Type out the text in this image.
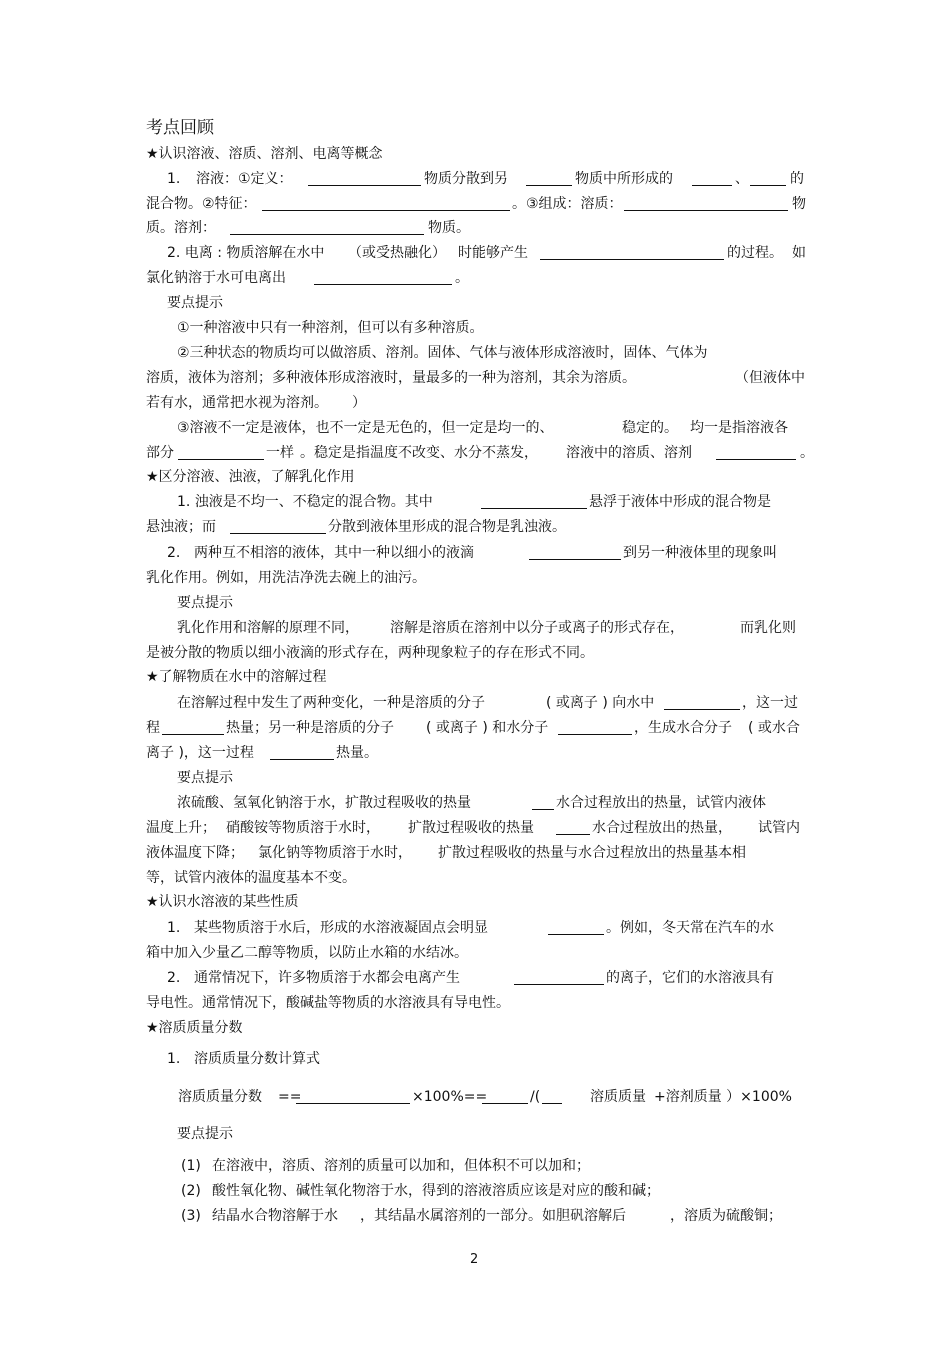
考点回顾
★认识溶液、溶质、溶剂、电离等概念
1. 溶液：①定义：	物质分散到另	物质中所形成的	、	的
混合物。②特征：	。③组成：溶质：	物
质。溶剂：	物质。
2. 电离 : 物质溶解在水中 （或受热融化） 时能够产生	的过程。 如
氯化钠溶于水可电离出	。
要点提示
①一种溶液中只有一种溶剂，但可以有多种溶质。
②三种状态的物质均可以做溶质、溶剂。固体、气体与液体形成溶液时，固体、气体为
溶质，液体为溶剂；多种液体形成溶液时，量最多的一种为溶剂，其余为溶质。	（但液体中
若有水，通常把水视为溶剂。 ）
③溶液不一定是液体，也不一定是无色的，但一定是均一的、	稳定的。 均一是指溶液各
部分	一样 。稳定是指温度不改变、水分不蒸发， 溶液中的溶质、溶剂	。
★区分溶液、浊液，了解乳化作用
1. 浊液是不均一、不稳定的混合物。其中	悬浮于液体中形成的混合物是
悬浊液；而	分散到液体里形成的混合物是乳浊液。
2. 两种互不相溶的液体，其中一种以细小的液滴	到另一种液体里的现象叫
乳化作用。例如，用洗洁净洗去碗上的油污。
要点提示
乳化作用和溶解的原理不同， 溶解是溶质在溶剂中以分子或离子的形式存在，	而乳化则
是被分散的物质以细小液滴的形式存在，两种现象粒子的存在形式不同。
★了解物质在水中的溶解过程
在溶解过程中发生了两种变化，一种是溶质的分子	( 或离子 ) 向水中	，这一过
程	热量；另一种是溶质的分子 ( 或离子 ) 和水分子	，生成水合分子 ( 或水合
离子 )，这一过程	热量。
要点提示
浓硫酸、氢氧化钠溶于水，扩散过程吸收的热量	水合过程放出的热量，试管内液体
温度上升； 硝酸铵等物质溶于水时， 扩散过程吸收的热量	水合过程放出的热量， 试管内
液体温度下降； 氯化钠等物质溶于水时， 扩散过程吸收的热量与水合过程放出的热量基本相
等，试管内液体的温度基本不变。
★认识水溶液的某些性质
1. 某些物质溶于水后，形成的水溶液凝固点会明显	。例如，冬天常在汽车的水
箱中加入少量乙二醇等物质，以防止水箱的水结冰。
2. 通常情况下，许多物质溶于水都会电离产生	的离子，它们的水溶液具有
导电性。通常情况下，酸碱盐等物质的水溶液具有导电性。
★溶质质量分数
1. 溶质质量分数计算式
溶质质量分数 ==	×100%==	/(	溶质质量 +溶剂质量 ）×100%
要点提示
(1) 在溶液中，溶质、溶剂的质量可以加和，但体积不可以加和；
(2) 酸性氧化物、碱性氧化物溶于水，得到的溶液溶质应该是对应的酸和碱；
(3) 结晶水合物溶解于水 ，其结晶水属溶剂的一部分。如胆矾溶解后	，溶质为硫酸铜；
2
